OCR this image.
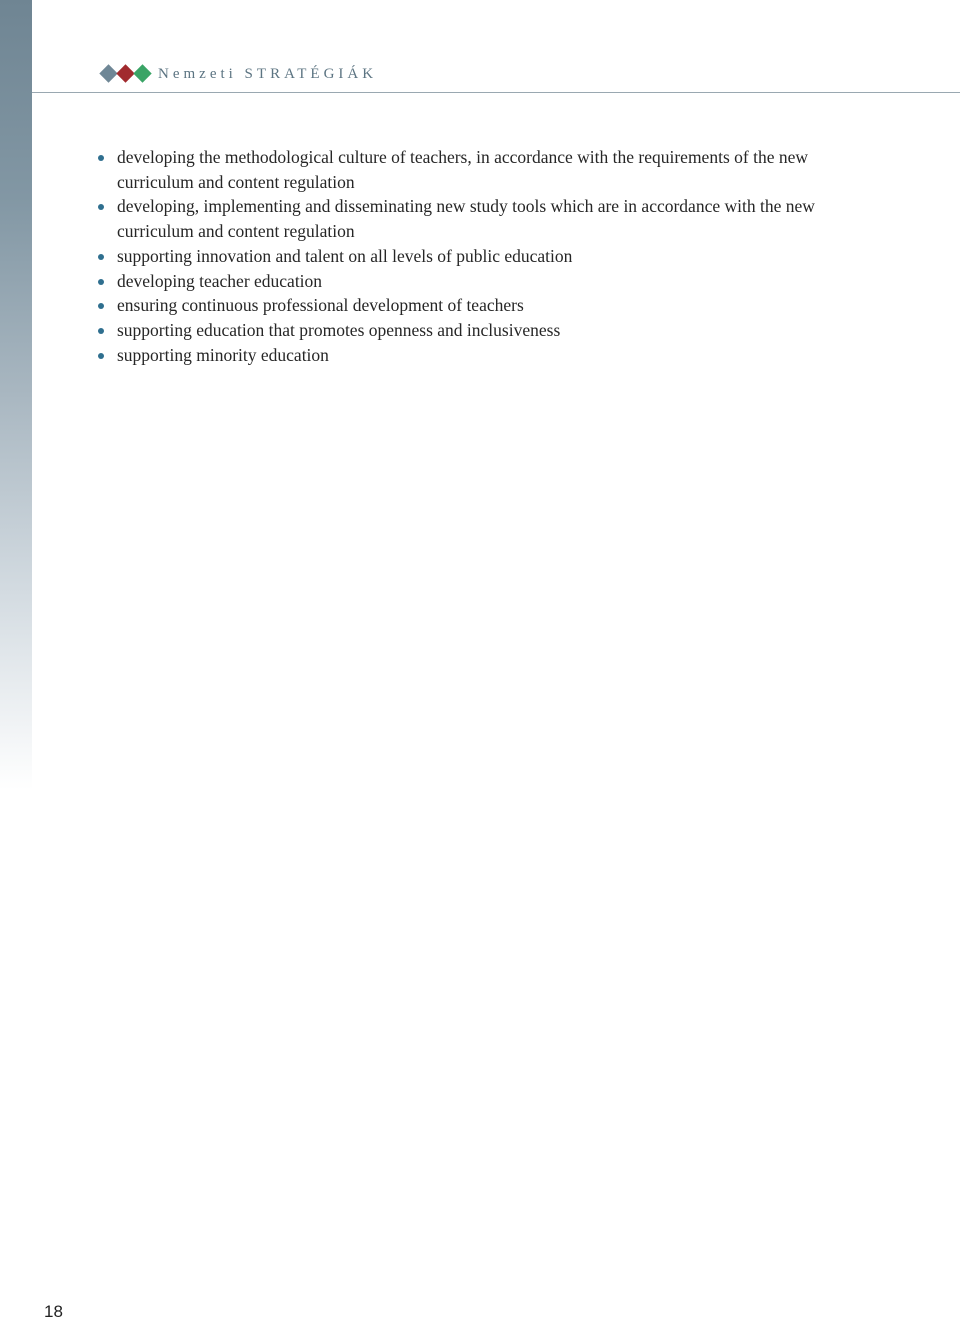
Nemzeti STRATÉGIÁK
developing the methodological culture of teachers, in accordance with the requirements of the new curriculum and content regulation
developing, implementing and disseminating new study tools which are in accordance with the new curriculum and content regulation
supporting innovation and talent on all levels of public education
developing teacher education
ensuring continuous professional development of teachers
supporting education that promotes openness and inclusiveness
supporting minority education
18
